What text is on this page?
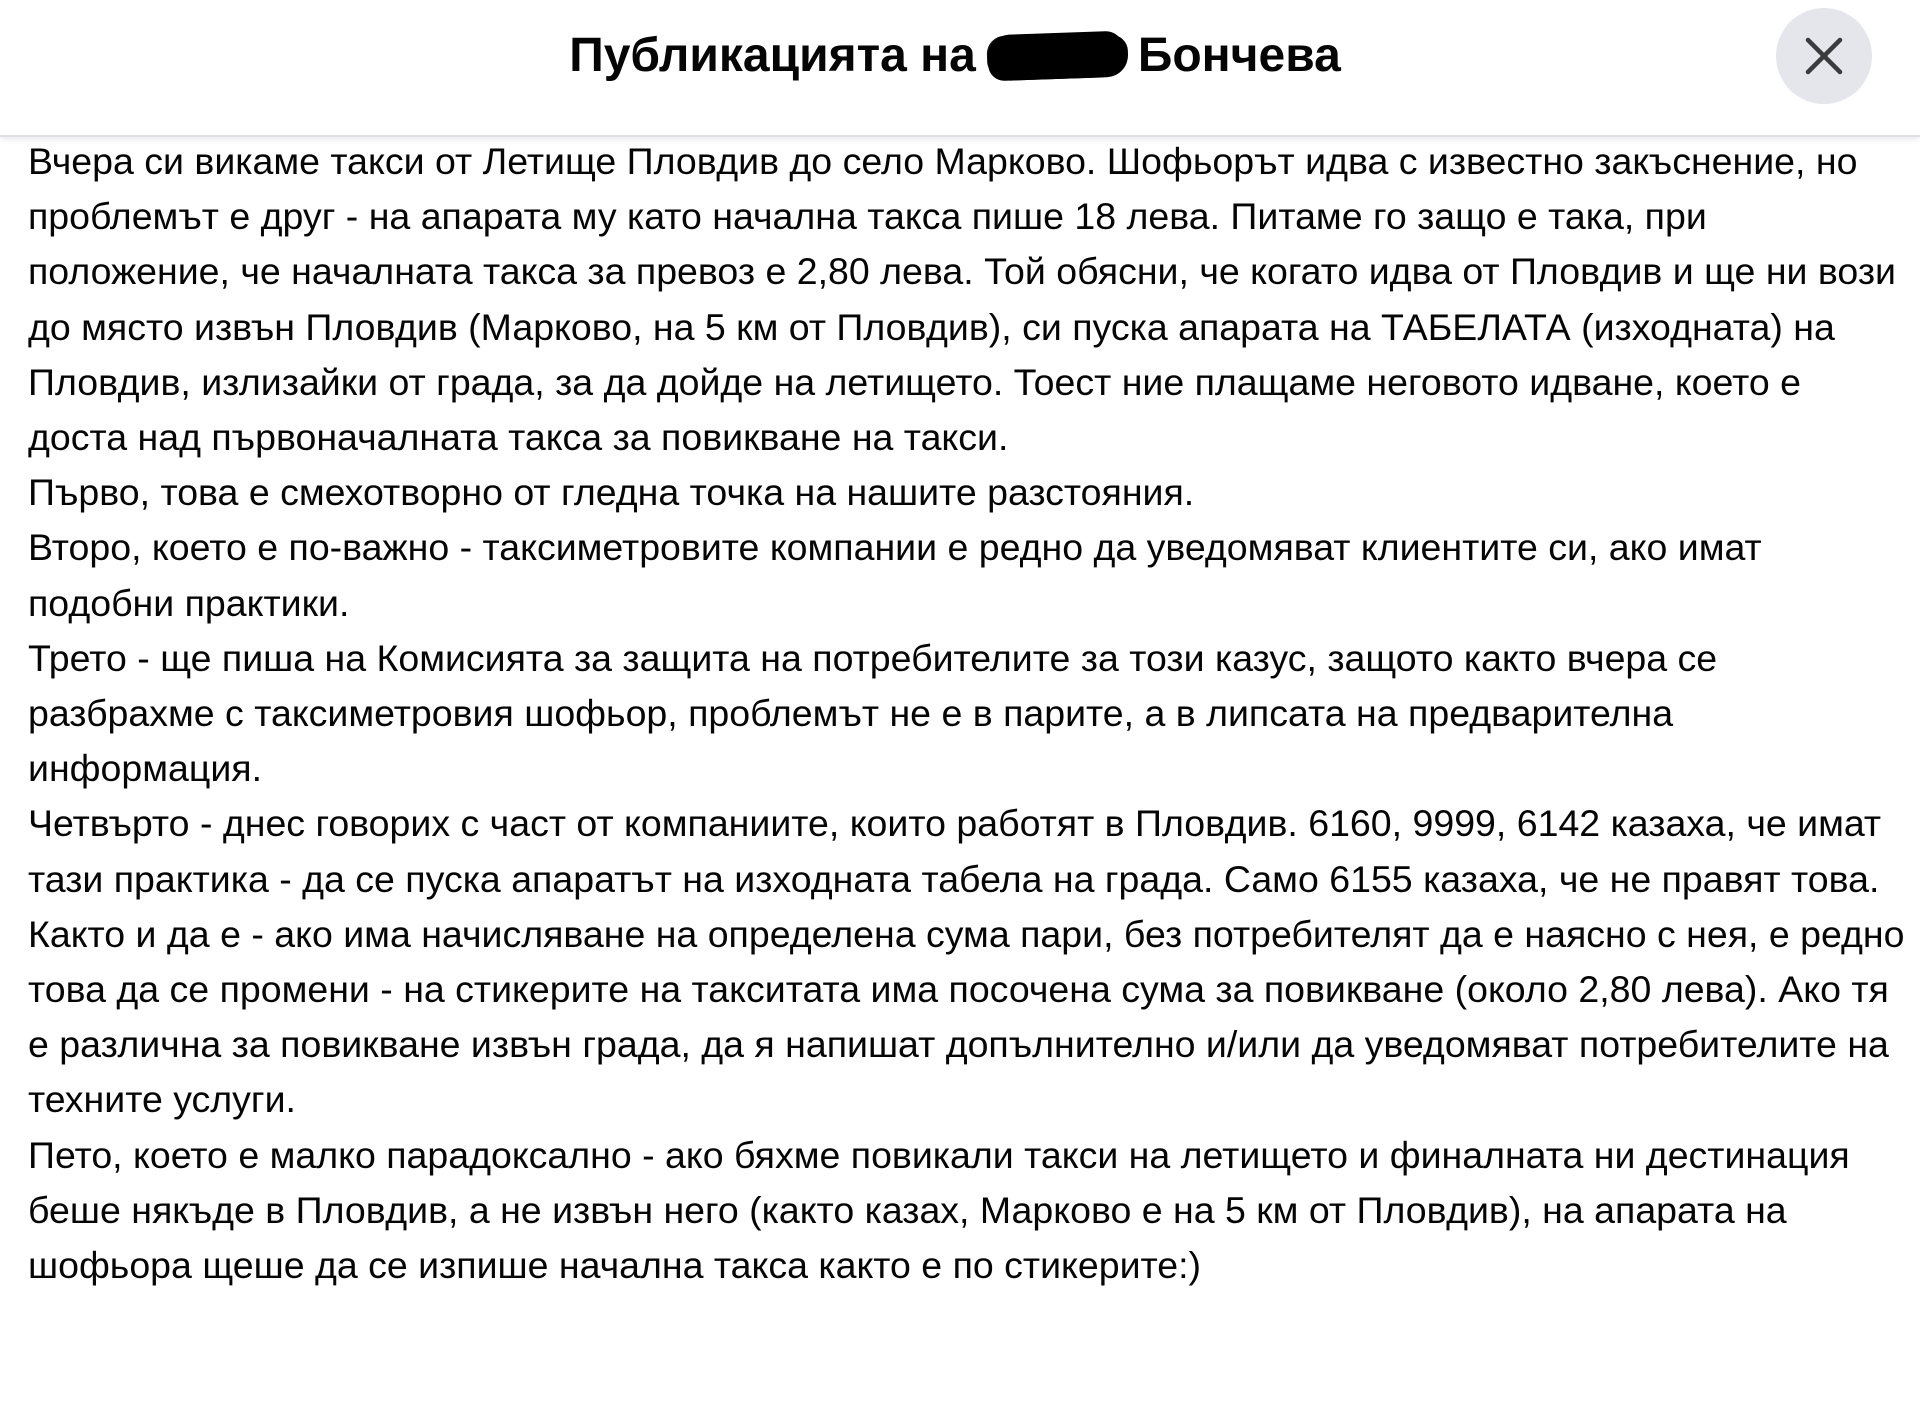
Публикацията на	Бончева

Вчера си викаме такси от Летище Пловдив до село Марково. Шофьорът идва с известно закъснение, но проблемът е друг - на апарата му като начална такса пише 18 лева. Питаме го защо е така, при положение, че началната такса за превоз е 2,80 лева. Той обясни, че когато идва от Пловдив и ще ни вози до място извън Пловдив (Марково, на 5 км от Пловдив), си пуска апарата на ТАБЕЛАТА (изходната) на Пловдив, излизайки от града, за да дойде на летището. Тоест ние плащаме неговото идване, което е доста над първоначалната такса за повикване на такси.

Първо, това е смехотворно от гледна точка на нашите разстояния.

Второ, което е по-важно - таксиметровите компании е редно да уведомяват клиентите си, ако имат подобни практики.

Трето - ще пиша на Комисията за защита на потребителите за този казус, защото както вчера се разбрахме с таксиметровия шофьор, проблемът не е в парите, а в липсата на предварителна информация.

Четвърто - днес говорих с част от компаниите, които работят в Пловдив. 6160, 9999, 6142 казаха, че имат тази практика - да се пуска апаратът на изходната табела на града. Само 6155 казаха, че не правят това.

Както и да е - ако има начисляване на определена сума пари, без потребителят да е наясно с нея, е редно това да се промени - на стикерите на такситата има посочена сума за повикване (около 2,80 лева). Ако тя е различна за повикване извън града, да я напишат допълнително и/или да уведомяват потребителите на техните услуги.

Пето, което е малко парадоксално - ако бяхме повикали такси на летището и финалната ни дестинация беше някъде в Пловдив, а не извън него (както казах, Марково е на 5 км от Пловдив), на апарата на шофьора щеше да се изпише начална такса както е по стикерите:)
